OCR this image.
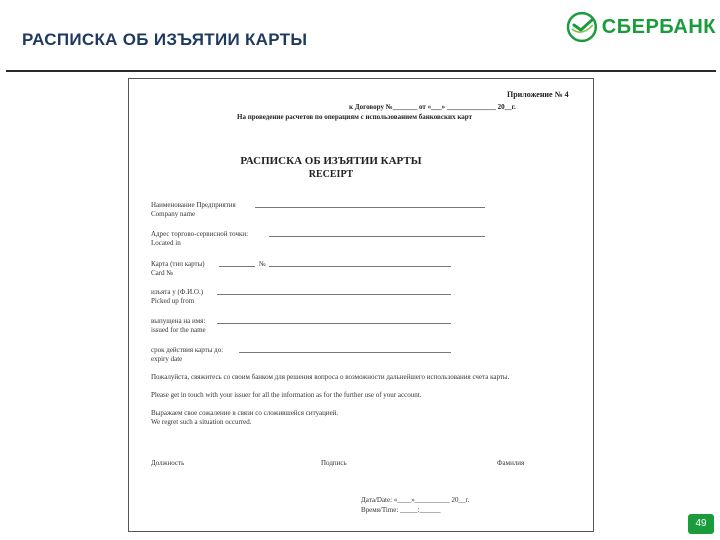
РАСПИСКА ОБ ИЗЪЯТИИ КАРТЫ
СБЕРБАНК
Приложение № 4
к Договору №_______ от «___» ______________ 20__г.
На проведение расчетов по операциям с использованием банковских карт
РАСПИСКА ОБ ИЗЪЯТИИ КАРТЫ
RECEIPT
Наименование Предприятия
Company name
Адрес торгово-сервисной точки:
Located in
Карта (тип карты)	№
Card №
изъята у (Ф.И.О.)
Picked up from
выпущена на имя:
issued for the name
срок действия карты до:
expiry date
Пожалуйста, свяжитесь со своим банком для решения вопроса о возможности дальнейшего использования счета карты.
Please get in touch with your issuer for all the information as for the further use of your account.
Выражаем свое сожаление в связи со сложившейся ситуацией.
We regret such a situation occurred.
Должность	Подпись	Фамилия
Дата/Date: «____»__________ 20__г.
Время/Time: _____:______
49
